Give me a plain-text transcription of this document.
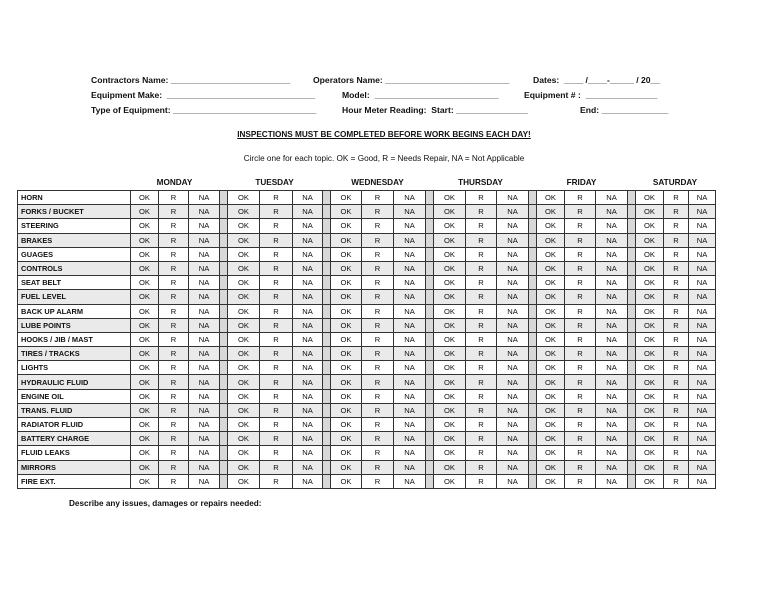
Contractors Name: _________________________	Operators Name: __________________________	Dates:  ____ /____-_____ / 20__
Equipment Make:  _______________________________	Model:  __________________________	Equipment # :  _______________
Type of Equipment: ______________________________	Hour Meter Reading:  Start: _______________	End: ______________
INSPECTIONS MUST BE COMPLETED BEFORE WORK BEGINS EACH DAY!
Circle one for each topic. OK = Good, R = Needs Repair, NA = Not Applicable
MONDAY	TUESDAY	WEDNESDAY	THURSDAY	FRIDAY	SATURDAY
HORN	OK	R	NA		OK	R	NA		OK	R	NA		OK	R	NA		OK	R	NA		OK	R	NA
FORKS / BUCKET	OK	R	NA		OK	R	NA		OK	R	NA		OK	R	NA		OK	R	NA		OK	R	NA
STEERING	OK	R	NA		OK	R	NA		OK	R	NA		OK	R	NA		OK	R	NA		OK	R	NA
BRAKES	OK	R	NA		OK	R	NA		OK	R	NA		OK	R	NA		OK	R	NA		OK	R	NA
GUAGES	OK	R	NA		OK	R	NA		OK	R	NA		OK	R	NA		OK	R	NA		OK	R	NA
CONTROLS	OK	R	NA		OK	R	NA		OK	R	NA		OK	R	NA		OK	R	NA		OK	R	NA
SEAT BELT	OK	R	NA		OK	R	NA		OK	R	NA		OK	R	NA		OK	R	NA		OK	R	NA
FUEL LEVEL	OK	R	NA		OK	R	NA		OK	R	NA		OK	R	NA		OK	R	NA		OK	R	NA
BACK UP ALARM	OK	R	NA		OK	R	NA		OK	R	NA		OK	R	NA		OK	R	NA		OK	R	NA
LUBE POINTS	OK	R	NA		OK	R	NA		OK	R	NA		OK	R	NA		OK	R	NA		OK	R	NA
HOOKS / JIB / MAST	OK	R	NA		OK	R	NA		OK	R	NA		OK	R	NA		OK	R	NA		OK	R	NA
TIRES / TRACKS	OK	R	NA		OK	R	NA		OK	R	NA		OK	R	NA		OK	R	NA		OK	R	NA
LIGHTS	OK	R	NA		OK	R	NA		OK	R	NA		OK	R	NA		OK	R	NA		OK	R	NA
HYDRAULIC FLUID	OK	R	NA		OK	R	NA		OK	R	NA		OK	R	NA		OK	R	NA		OK	R	NA
ENGINE OIL	OK	R	NA		OK	R	NA		OK	R	NA		OK	R	NA		OK	R	NA		OK	R	NA
TRANS. FLUID	OK	R	NA		OK	R	NA		OK	R	NA		OK	R	NA		OK	R	NA		OK	R	NA
RADIATOR FLUID	OK	R	NA		OK	R	NA		OK	R	NA		OK	R	NA		OK	R	NA		OK	R	NA
BATTERY CHARGE	OK	R	NA		OK	R	NA		OK	R	NA		OK	R	NA		OK	R	NA		OK	R	NA
FLUID LEAKS	OK	R	NA		OK	R	NA		OK	R	NA		OK	R	NA		OK	R	NA		OK	R	NA
MIRRORS	OK	R	NA		OK	R	NA		OK	R	NA		OK	R	NA		OK	R	NA		OK	R	NA
FIRE EXT.	OK	R	NA		OK	R	NA		OK	R	NA		OK	R	NA		OK	R	NA		OK	R	NA
Describe any issues, damages or repairs needed:
